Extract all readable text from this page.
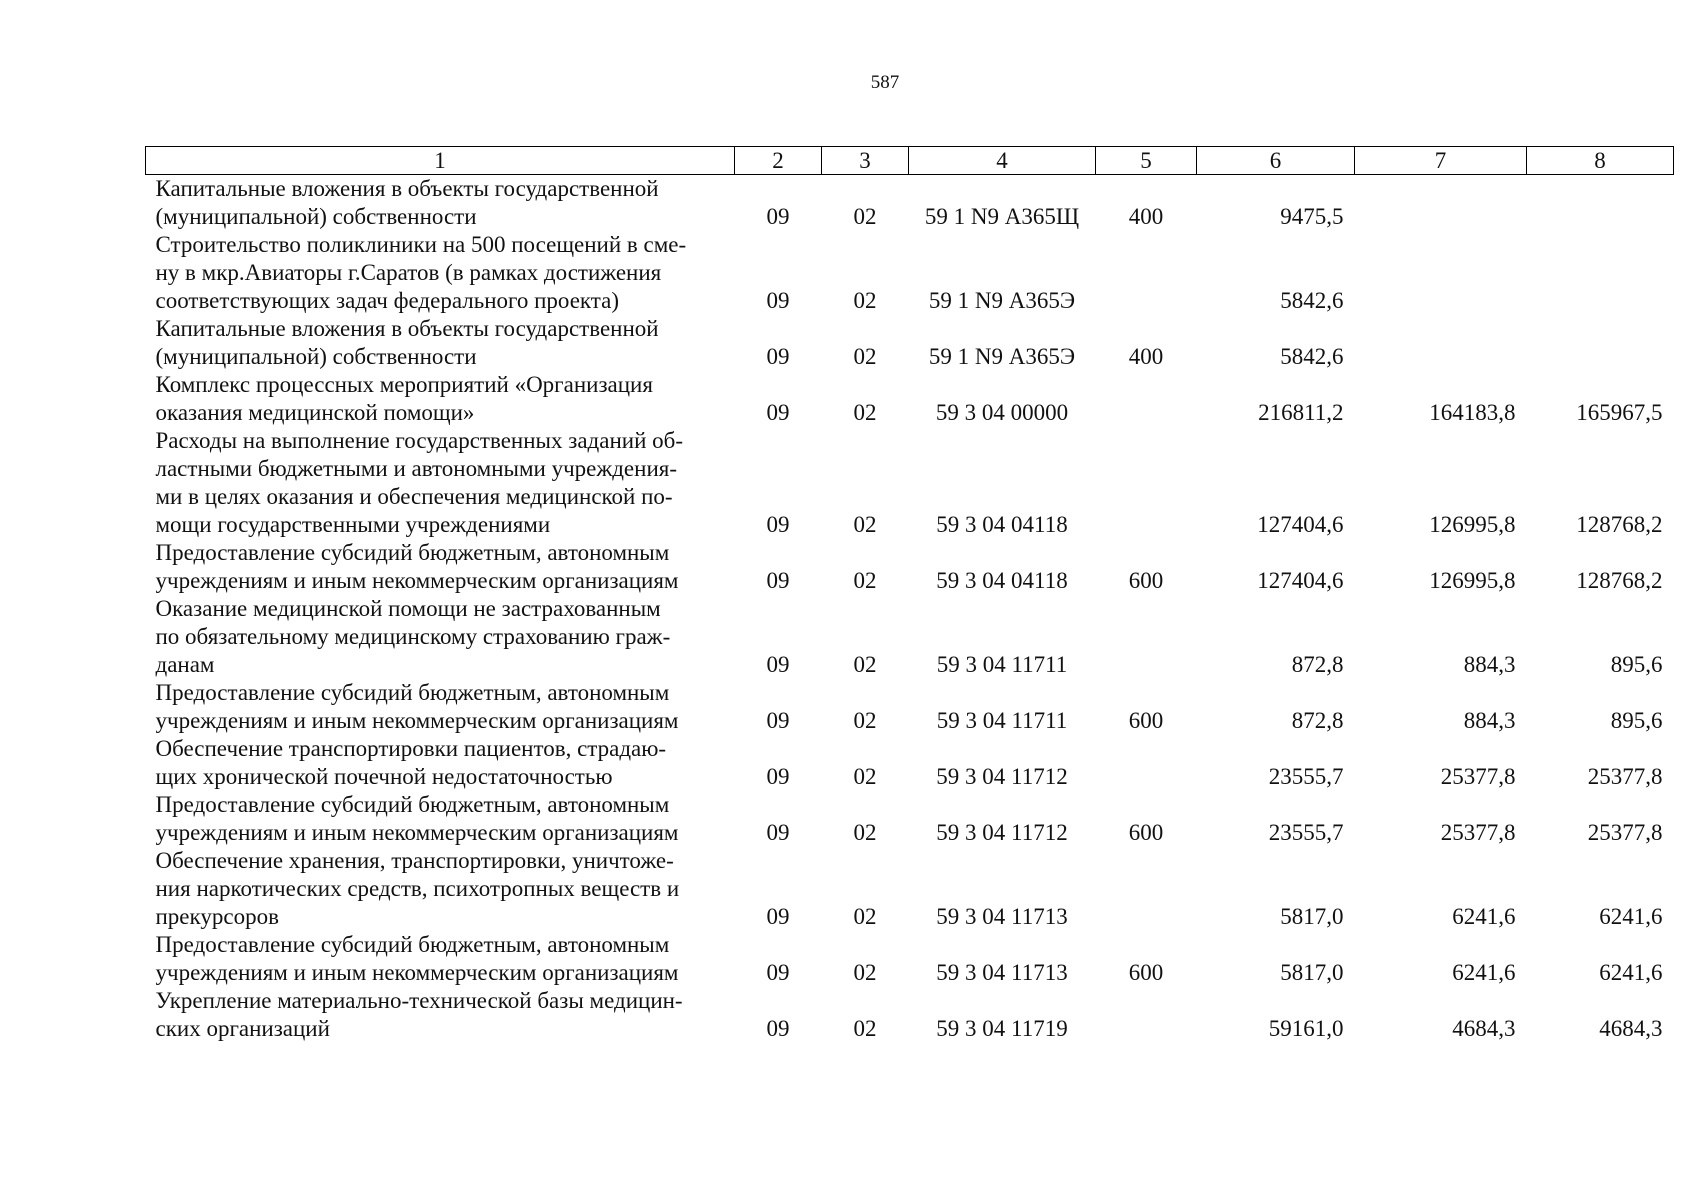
587
1	2	3	4	5	6	7	8

Капитальные вложения в объекты государственной
(муниципальной) собственности	09	02	59 1 N9 А365Щ	400	9475,5		

Строительство поликлиники на 500 посещений в сме-
ну в мкр.Авиаторы г.Саратов (в рамках достижения
соответствующих задач федерального проекта)	09	02	59 1 N9 А365Э		5842,6		

Капитальные вложения в объекты государственной
(муниципальной) собственности	09	02	59 1 N9 А365Э	400	5842,6		

Комплекс процессных мероприятий «Организация
оказания медицинской помощи»	09	02	59 3 04 00000		216811,2	164183,8	165967,5

Расходы на выполнение государственных заданий об-
ластными бюджетными и автономными учреждения-
ми в целях оказания и обеспечения медицинской по-
мощи государственными учреждениями	09	02	59 3 04 04118		127404,6	126995,8	128768,2

Предоставление субсидий бюджетным, автономным
учреждениям и иным некоммерческим организациям	09	02	59 3 04 04118	600	127404,6	126995,8	128768,2

Оказание медицинской помощи не застрахованным
по обязательному медицинскому страхованию граж-
данам	09	02	59 3 04 11711		872,8	884,3	895,6

Предоставление субсидий бюджетным, автономным
учреждениям и иным некоммерческим организациям	09	02	59 3 04 11711	600	872,8	884,3	895,6

Обеспечение транспортировки пациентов, страдаю-
щих хронической почечной недостаточностью	09	02	59 3 04 11712		23555,7	25377,8	25377,8

Предоставление субсидий бюджетным, автономным
учреждениям и иным некоммерческим организациям	09	02	59 3 04 11712	600	23555,7	25377,8	25377,8

Обеспечение хранения, транспортировки, уничтоже-
ния наркотических средств, психотропных веществ и
прекурсоров	09	02	59 3 04 11713		5817,0	6241,6	6241,6

Предоставление субсидий бюджетным, автономным
учреждениям и иным некоммерческим организациям	09	02	59 3 04 11713	600	5817,0	6241,6	6241,6

Укрепление материально-технической базы медицин-
ских организаций	09	02	59 3 04 11719		59161,0	4684,3	4684,3
